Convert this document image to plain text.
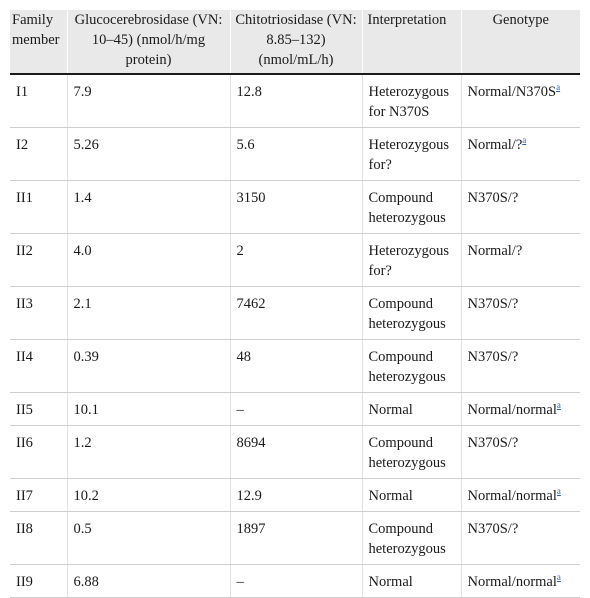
Family member	Glucocerebrosidase (VN: 10–45) (nmol/h/mg protein)	Chitotriosidase (VN: 8.85–132) (nmol/mL/h)	Interpretation	Genotype
I1	7.9	12.8	Heterozygous for N370S	Normal/N370S$^a$
I2	5.26	5.6	Heterozygous for?	Normal/?$^a$
II1	1.4	3150	Compound heterozygous	N370S/?
II2	4.0	2	Heterozygous for?	Normal/?
II3	2.1	7462	Compound heterozygous	N370S/?
II4	0.39	48	Compound heterozygous	N370S/?
II5	10.1	–	Normal	Normal/normal$^a$
II6	1.2	8694	Compound heterozygous	N370S/?
II7	10.2	12.9	Normal	Normal/normal$^a$
II8	0.5	1897	Compound heterozygous	N370S/?
II9	6.88	–	Normal	Normal/normal$^a$
